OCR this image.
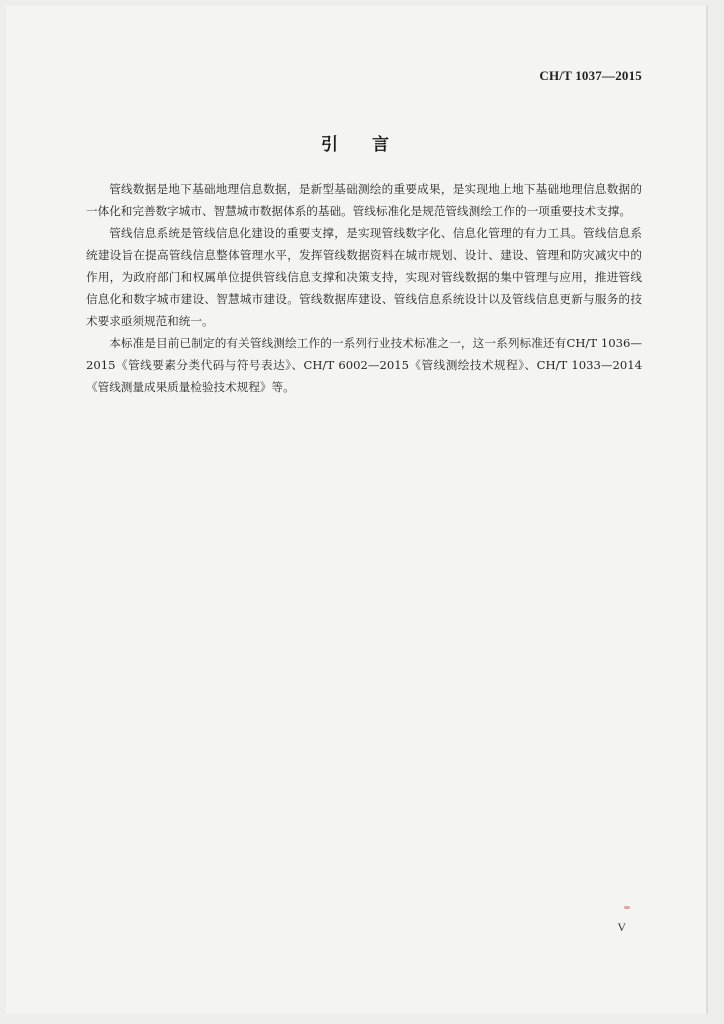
CH/T 1037—2015
引 言

管线数据是地下基础地理信息数据，是新型基础测绘的重要成果，是实现地上地下基础地理信息数据的一体化和完善数字城市、智慧城市数据体系的基础。管线标准化是规范管线测绘工作的一项重要技术支撑。

管线信息系统是管线信息化建设的重要支撑，是实现管线数字化、信息化管理的有力工具。管线信息系统建设旨在提高管线信息整体管理水平，发挥管线数据资料在城市规划、设计、建设、管理和防灾减灾中的作用，为政府部门和权属单位提供管线信息支撑和决策支持，实现对管线数据的集中管理与应用，推进管线信息化和数字城市建设、智慧城市建设。管线数据库建设、管线信息系统设计以及管线信息更新与服务的技术要求亟须规范和统一。

本标准是目前已制定的有关管线测绘工作的一系列行业技术标准之一，这一系列标准还有CH/T 1036—2015《管线要素分类代码与符号表达》、CH/T 6002—2015《管线测绘技术规程》、CH/T 1033—2014《管线测量成果质量检验技术规程》等。

V
